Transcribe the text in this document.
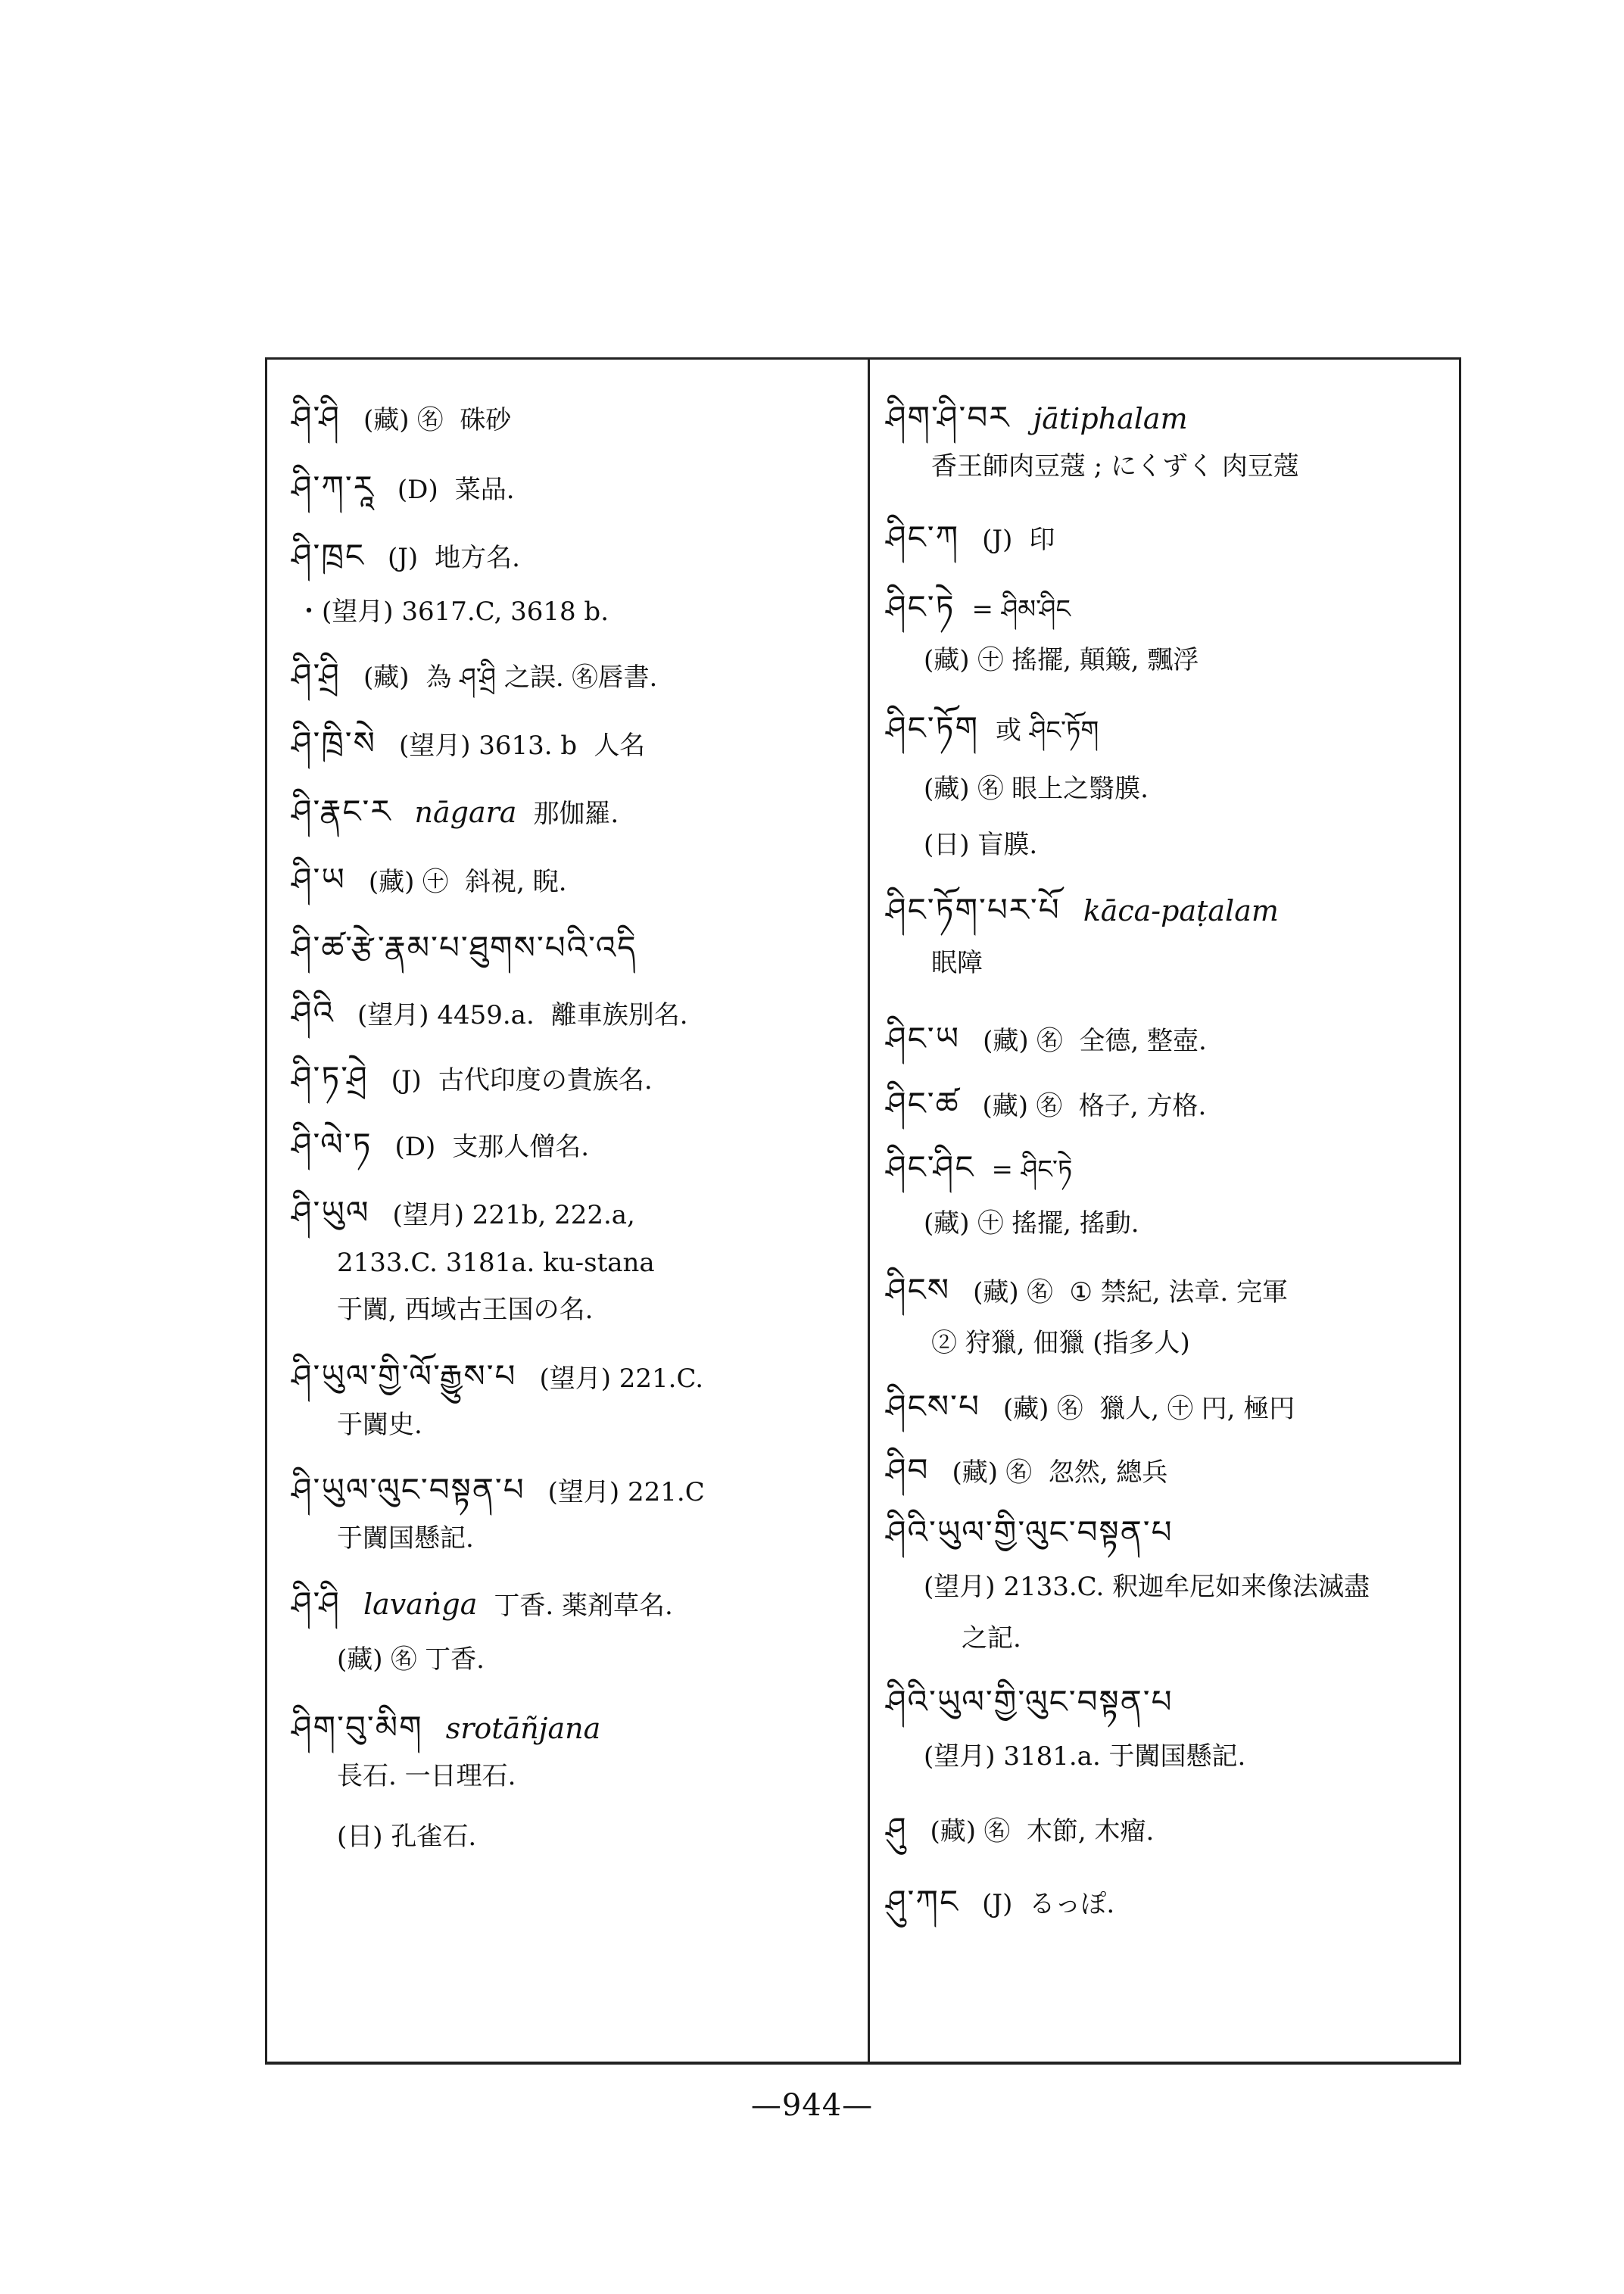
ཤི་ཤི (藏) ㊔ 硃砂
ཤི་ཀ་རཱ (D) 菜品.
ཤི་ཁྲང (J) 地方名.
・(望月) 3617.C, 3618 b.
ཤི་ཤྲི (藏) 為 ཤ་ཤྲི 之誤. ㊔唇書.
ཤི་ཁྲི་སེ (望月) 3613. b 人名
ཤི་རྣང་ར nāgara 那伽羅.
ཤི་ཡ (藏) ㊉ 斜視, 睨.
ཤི་ཚ་རྩེ་རྣམ་པ་ཐུགས་པའི་འདི
ཤིའི (望月) 4459.a. 離車族別名.
ཤི་ཏ་ཤྲེ (J) 古代印度の貴族名.
ཤི་ལེ་ཏ (D) 支那人僧名.
ཤི་ཡུལ (望月) 221b, 222.a,
2133.C. 3181a. ku-stana
于闐, 西域古王国の名.
ཤི་ཡུལ་གྱི་ལོ་རྒྱུས་པ (望月) 221.C.
于闐史.
ཤི་ཡུལ་ལུང་བསྟན་པ (望月) 221.C
于闐国懸記.
ཤི་ཤི lavaṅga 丁香. 薬剤草名.
(藏) ㊔ 丁香.
ཤིག་བུ་མིག srotāñjana
長石. 一日理石.
(日) 孔雀石.
ཤིག་ཤི་བར jātiphalam
香王師肉豆蔻 ; にくずく 肉豆蔻
ཤིང་ཀ (J) 印
ཤིང་ཏེ = ཤིམ་ཤིང
(藏) ㊉ 搖擺, 顛簸, 飄浮
ཤིང་ཏོག 或 ཤིང་ཏོག
(藏) ㊔ 眼上之翳膜.
(日) 盲膜.
ཤིང་ཏོག་པར་པོ kāca-paṭalam
眠障
ཤིང་ཡ (藏) ㊔ 全德, 整壺.
ཤིང་ཚ (藏) ㊔ 格子, 方格.
ཤིང་ཤིང = ཤིང་ཏེ
(藏) ㊉ 搖擺, 搖動.
ཤིངས (藏) ㊔ ① 禁紀, 法章. 完軍
② 狩獵, 佃獵 (指多人)
ཤིངས་པ (藏) ㊔ 獵人, ㊉ 円, 極円
ཤིབ (藏) ㊔ 忽然, 總兵
ཤིའི་ཡུལ་གྱི་ལུང་བསྟན་པ
(望月) 2133.C. 釈迦牟尼如来像法滅盡
之記.
ཤིའི་ཡུལ་གྱི་ལུང་བསྟན་པ
(望月) 3181.a. 于闐国懸記.
ཤུ (藏) ㊔ 木節, 木瘤.
ཤུ་ཀང (J) るっぽ.
—944—
